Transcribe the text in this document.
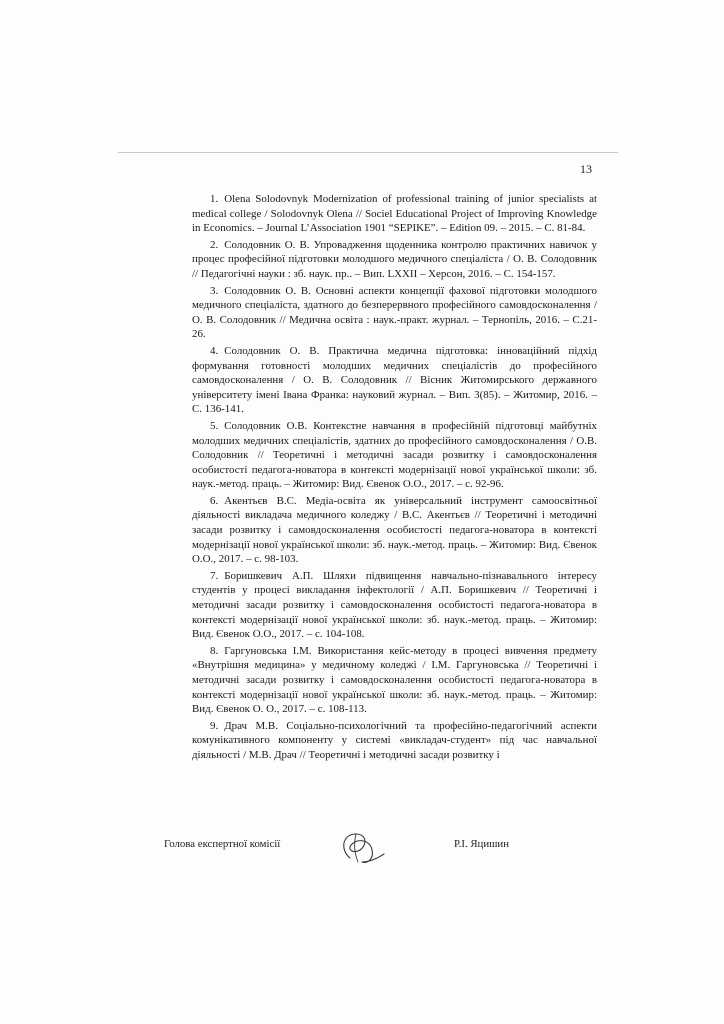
13
1. Olena Solodovnyk Modernization of professional training of junior specialists at medical college / Solodovnyk Olena // Sociel Educational Project of Improving Knowledge in Economics. – Journal L’Association 1901 “SEPIKE”. – Edition 09. – 2015. – C. 81-84.
2. Солодовник О. В. Упровадження щоденника контролю практичних навичок у процес професійної підготовки молодшого медичного спеціаліста / О. В. Солодовник // Педагогічні науки : зб. наук. пр.. – Вип. LXXII – Херсон, 2016. – С. 154-157.
3. Солодовник О. В. Основні аспекти концепції фахової підготовки молодшого медичного спеціаліста, здатного до безперервного професійного самовдосконалення / О. В. Солодовник // Медична освіта : наук.-практ. журнал. – Тернопіль, 2016. – С.21-26.
4. Солодовник О. В. Практична медична підготовка: інноваційний підхід формування готовності молодших медичних спеціалістів до професійного самовдосконалення / О. В. Солодовник // Вісник Житомирського державного університету імені Івана Франка: науковий журнал. – Вип. 3(85). – Житомир, 2016. – С. 136-141.
5. Солодовник О.В. Контекстне навчання в професійній підготовці майбутніх молодших медичних спеціалістів, здатних до професійного самовдосконалення / О.В. Солодовник // Теоретичні і методичні засади розвитку і самовдосконалення особистості педагога-новатора в контексті модернізації нової української школи: зб. наук.-метод. праць. – Житомир: Вид. Євенок О.О., 2017. – с. 92-96.
6. Акентьєв В.С. Медіа-освіта як універсальний інструмент самоосвітньої діяльності викладача медичного коледжу / В.С. Акентьєв // Теоретичні і методичні засади розвитку і самовдосконалення особистості педагога-новатора в контексті модернізації нової української школи: зб. наук.-метод. праць. – Житомир: Вид. Євенок О.О., 2017. – с. 98-103.
7. Боришкевич А.П. Шляхи підвищення навчально-пізнавального інтересу студентів у процесі викладання інфектології / А.П. Боришкевич // Теоретичні і методичні засади розвитку і самовдосконалення особистості педагога-новатора в контексті модернізації нової української школи: зб. наук.-метод. праць. – Житомир: Вид. Євенок О.О., 2017. – с. 104-108.
8. Гаргуновська І.М. Використання кейс-методу в процесі вивчення предмету «Внутрішня медицина» у медичному коледжі / І.М. Гаргуновська // Теоретичні і методичні засади розвитку і самовдосконалення особистості педагога-новатора в контексті модернізації нової української школи: зб. наук.-метод. праць. – Житомир: Вид. Євенок О. О., 2017. – с. 108-113.
9. Драч М.В. Соціально-психологічний та професійно-педагогічний аспекти комунікативного компоненту у системі «викладач-студент» під час навчальної діяльності / М.В. Драч // Теоретичні і методичні засади розвитку і
Голова експертної комісії	Р.І. Яцишин
